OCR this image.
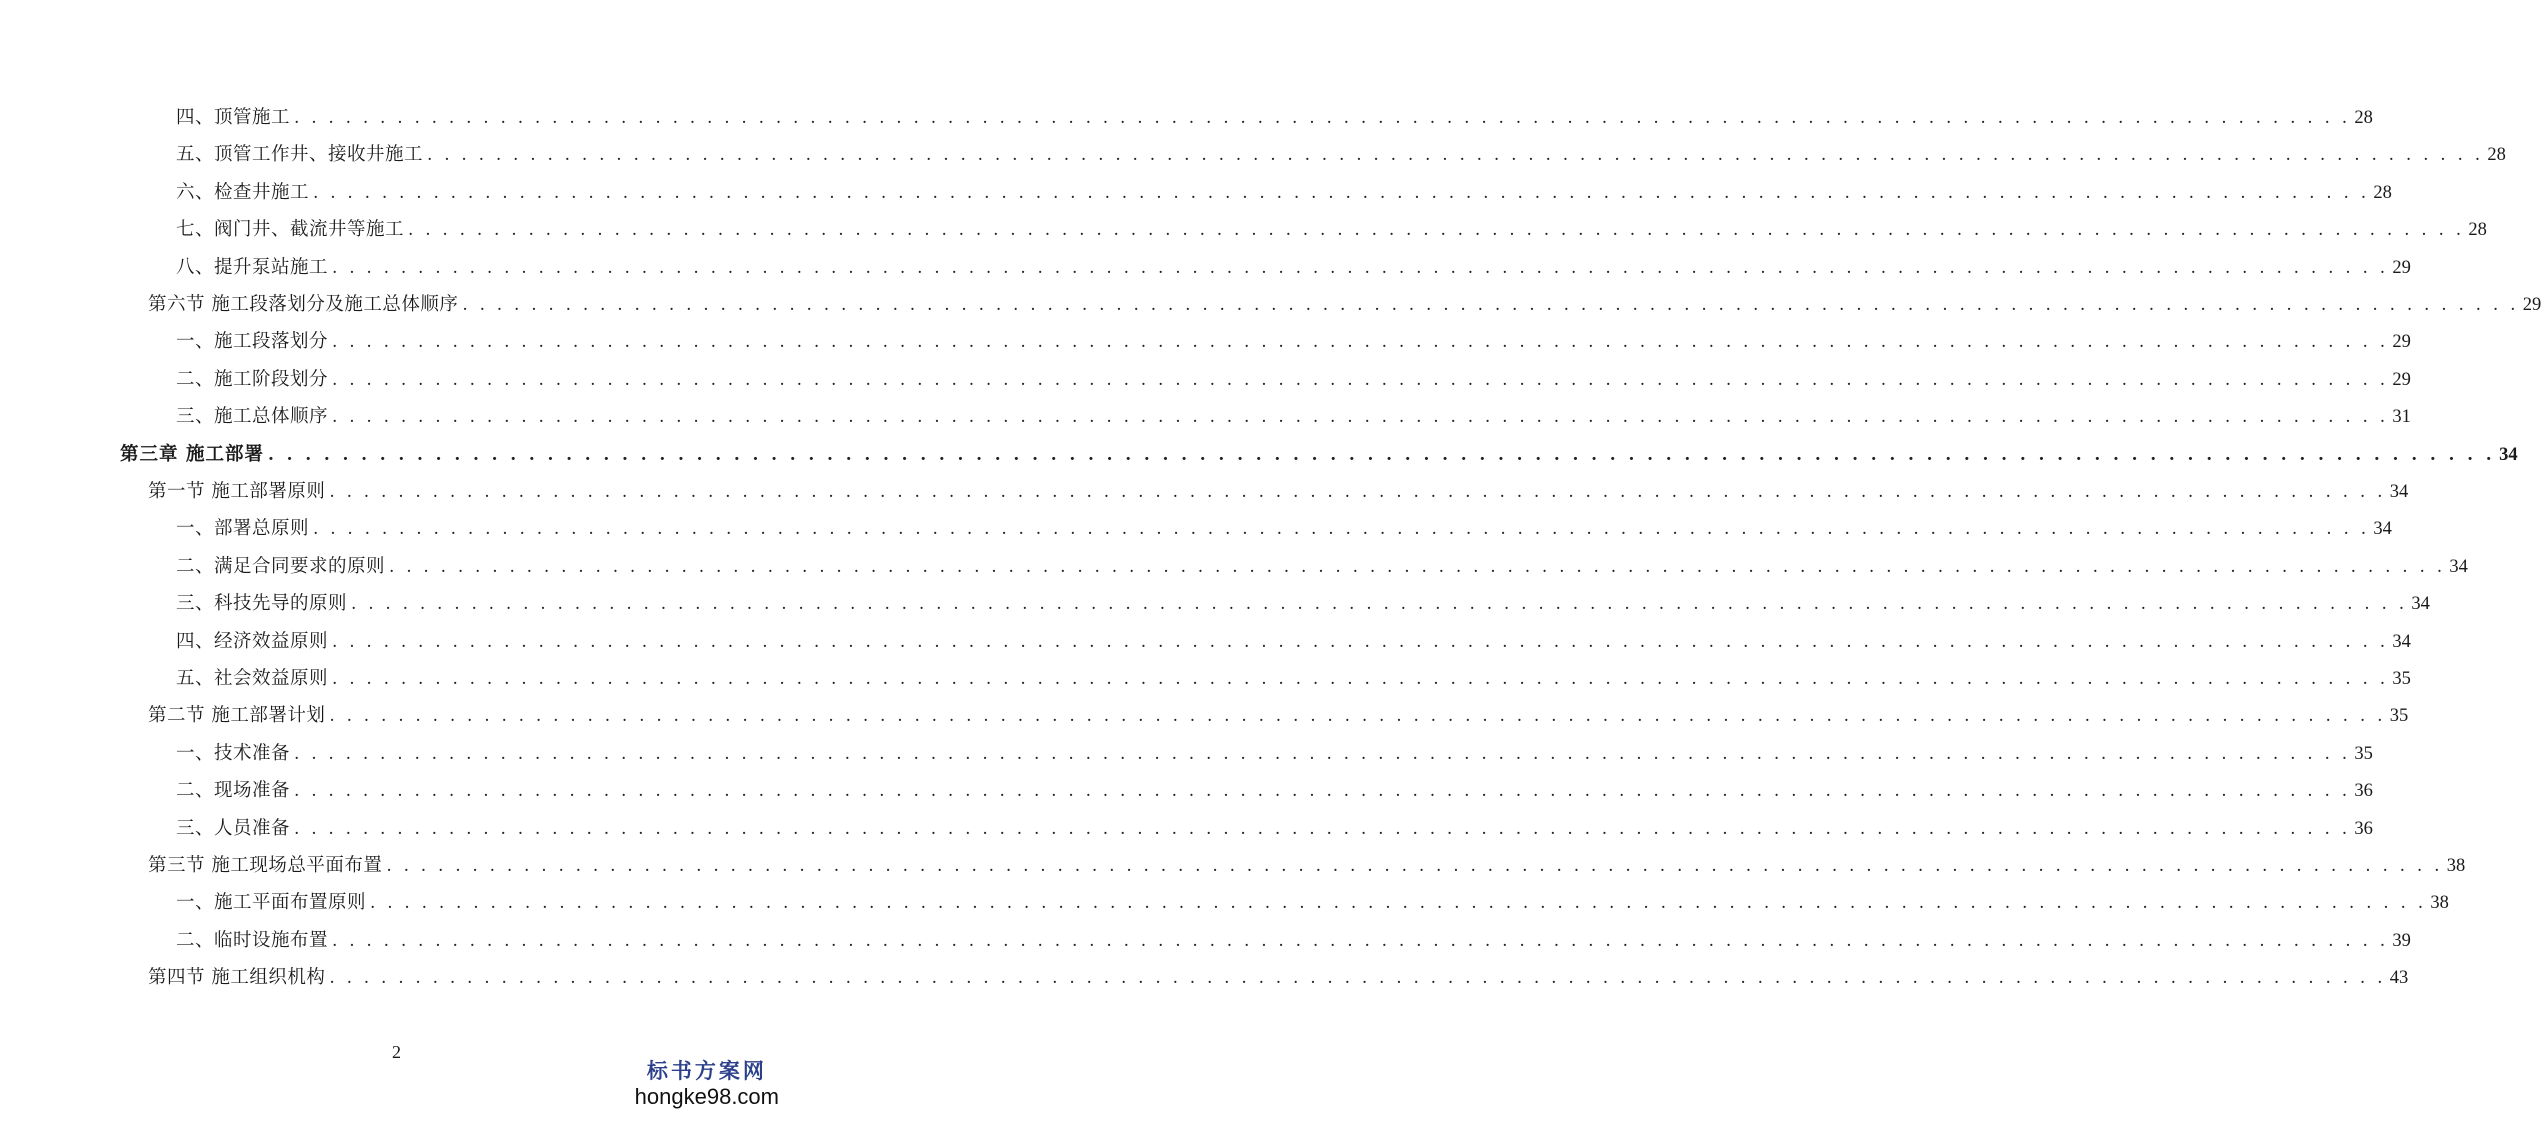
四、顶管施工 . . . . . . . . . . . . . . . . . . . . . . . . . . . . . . . . . . . . . . . . . . . . . . . . . . . . . . . . . . . . . . . . . . . . . . . . . . . . . . . . . . . . . . . . . . . . . . . . . . . . . . . . . . . . . . . . . . . . . . . . 28
五、顶管工作井、接收井施工 . . . . . . . . . . . . . . . . . . . . . . . . . . . . . . . . . . . . . . . . . . . . . . . . . . . . . . . . . . . . . . . . . . . . . . . . . . . . . . . . . . . . . . . . . . . . . . . . . . . . . . . . . . . . . . . . . . . . . . . . 28
六、检查井施工 . . . . . . . . . . . . . . . . . . . . . . . . . . . . . . . . . . . . . . . . . . . . . . . . . . . . . . . . . . . . . . . . . . . . . . . . . . . . . . . . . . . . . . . . . . . . . . . . . . . . . . . . . . . . . . . . . . . . . . . . 28
七、阀门井、截流井等施工 . . . . . . . . . . . . . . . . . . . . . . . . . . . . . . . . . . . . . . . . . . . . . . . . . . . . . . . . . . . . . . . . . . . . . . . . . . . . . . . . . . . . . . . . . . . . . . . . . . . . . . . . . . . . . . . . . . . . . . . . 28
八、提升泵站施工 . . . . . . . . . . . . . . . . . . . . . . . . . . . . . . . . . . . . . . . . . . . . . . . . . . . . . . . . . . . . . . . . . . . . . . . . . . . . . . . . . . . . . . . . . . . . . . . . . . . . . . . . . . . . . . . . . . . . . . . . 29
第六节 施工段落划分及施工总体顺序 . . . . . . . . . . . . . . . . . . . . . . . . . . . . . . . . . . . . . . . . . . . . . . . . . . . . . . . . . . . . . . . . . . . . . . . . . . . . . . . . . . . . . . . . . . . . . . . . . . . . . . . . . . . . . . . . . . . . . . . . 29
一、施工段落划分 . . . . . . . . . . . . . . . . . . . . . . . . . . . . . . . . . . . . . . . . . . . . . . . . . . . . . . . . . . . . . . . . . . . . . . . . . . . . . . . . . . . . . . . . . . . . . . . . . . . . . . . . . . . . . . . . . . . . . . . . 29
二、施工阶段划分 . . . . . . . . . . . . . . . . . . . . . . . . . . . . . . . . . . . . . . . . . . . . . . . . . . . . . . . . . . . . . . . . . . . . . . . . . . . . . . . . . . . . . . . . . . . . . . . . . . . . . . . . . . . . . . . . . . . . . . . . 29
三、施工总体顺序 . . . . . . . . . . . . . . . . . . . . . . . . . . . . . . . . . . . . . . . . . . . . . . . . . . . . . . . . . . . . . . . . . . . . . . . . . . . . . . . . . . . . . . . . . . . . . . . . . . . . . . . . . . . . . . . . . . . . . . . . 31
第三章 施工部署 . . . . . . . . . . . . . . . . . . . . . . . . . . . . . . . . . . . . . . . . . . . . . . . . . . . . . . . . . . . . . . . . . . . . . . . . . . . . . . . . . . . . . . . . . . . . . . . . . . . . . . . . . . . . . . . . . . . . . . . . 34
第一节 施工部署原则 . . . . . . . . . . . . . . . . . . . . . . . . . . . . . . . . . . . . . . . . . . . . . . . . . . . . . . . . . . . . . . . . . . . . . . . . . . . . . . . . . . . . . . . . . . . . . . . . . . . . . . . . . . . . . . . . . . . . . . . . 34
一、部署总原则 . . . . . . . . . . . . . . . . . . . . . . . . . . . . . . . . . . . . . . . . . . . . . . . . . . . . . . . . . . . . . . . . . . . . . . . . . . . . . . . . . . . . . . . . . . . . . . . . . . . . . . . . . . . . . . . . . . . . . . . . 34
二、满足合同要求的原则 . . . . . . . . . . . . . . . . . . . . . . . . . . . . . . . . . . . . . . . . . . . . . . . . . . . . . . . . . . . . . . . . . . . . . . . . . . . . . . . . . . . . . . . . . . . . . . . . . . . . . . . . . . . . . . . . . . . . . . . . 34
三、科技先导的原则 . . . . . . . . . . . . . . . . . . . . . . . . . . . . . . . . . . . . . . . . . . . . . . . . . . . . . . . . . . . . . . . . . . . . . . . . . . . . . . . . . . . . . . . . . . . . . . . . . . . . . . . . . . . . . . . . . . . . . . . . 34
四、经济效益原则 . . . . . . . . . . . . . . . . . . . . . . . . . . . . . . . . . . . . . . . . . . . . . . . . . . . . . . . . . . . . . . . . . . . . . . . . . . . . . . . . . . . . . . . . . . . . . . . . . . . . . . . . . . . . . . . . . . . . . . . . 34
五、社会效益原则 . . . . . . . . . . . . . . . . . . . . . . . . . . . . . . . . . . . . . . . . . . . . . . . . . . . . . . . . . . . . . . . . . . . . . . . . . . . . . . . . . . . . . . . . . . . . . . . . . . . . . . . . . . . . . . . . . . . . . . . . 35
第二节 施工部署计划 . . . . . . . . . . . . . . . . . . . . . . . . . . . . . . . . . . . . . . . . . . . . . . . . . . . . . . . . . . . . . . . . . . . . . . . . . . . . . . . . . . . . . . . . . . . . . . . . . . . . . . . . . . . . . . . . . . . . . . . . 35
一、技术准备 . . . . . . . . . . . . . . . . . . . . . . . . . . . . . . . . . . . . . . . . . . . . . . . . . . . . . . . . . . . . . . . . . . . . . . . . . . . . . . . . . . . . . . . . . . . . . . . . . . . . . . . . . . . . . . . . . . . . . . . . 35
二、现场准备 . . . . . . . . . . . . . . . . . . . . . . . . . . . . . . . . . . . . . . . . . . . . . . . . . . . . . . . . . . . . . . . . . . . . . . . . . . . . . . . . . . . . . . . . . . . . . . . . . . . . . . . . . . . . . . . . . . . . . . . . 36
三、人员准备 . . . . . . . . . . . . . . . . . . . . . . . . . . . . . . . . . . . . . . . . . . . . . . . . . . . . . . . . . . . . . . . . . . . . . . . . . . . . . . . . . . . . . . . . . . . . . . . . . . . . . . . . . . . . . . . . . . . . . . . . 36
第三节 施工现场总平面布置 . . . . . . . . . . . . . . . . . . . . . . . . . . . . . . . . . . . . . . . . . . . . . . . . . . . . . . . . . . . . . . . . . . . . . . . . . . . . . . . . . . . . . . . . . . . . . . . . . . . . . . . . . . . . . . . . . . . . . . . . 38
一、施工平面布置原则 . . . . . . . . . . . . . . . . . . . . . . . . . . . . . . . . . . . . . . . . . . . . . . . . . . . . . . . . . . . . . . . . . . . . . . . . . . . . . . . . . . . . . . . . . . . . . . . . . . . . . . . . . . . . . . . . . . . . . . . . 38
二、临时设施布置 . . . . . . . . . . . . . . . . . . . . . . . . . . . . . . . . . . . . . . . . . . . . . . . . . . . . . . . . . . . . . . . . . . . . . . . . . . . . . . . . . . . . . . . . . . . . . . . . . . . . . . . . . . . . . . . . . . . . . . . . 39
第四节 施工组织机构 . . . . . . . . . . . . . . . . . . . . . . . . . . . . . . . . . . . . . . . . . . . . . . . . . . . . . . . . . . . . . . . . . . . . . . . . . . . . . . . . . . . . . . . . . . . . . . . . . . . . . . . . . . . . . . . . . . . . . . . . 43
2
标书方案网
hongke98.com
